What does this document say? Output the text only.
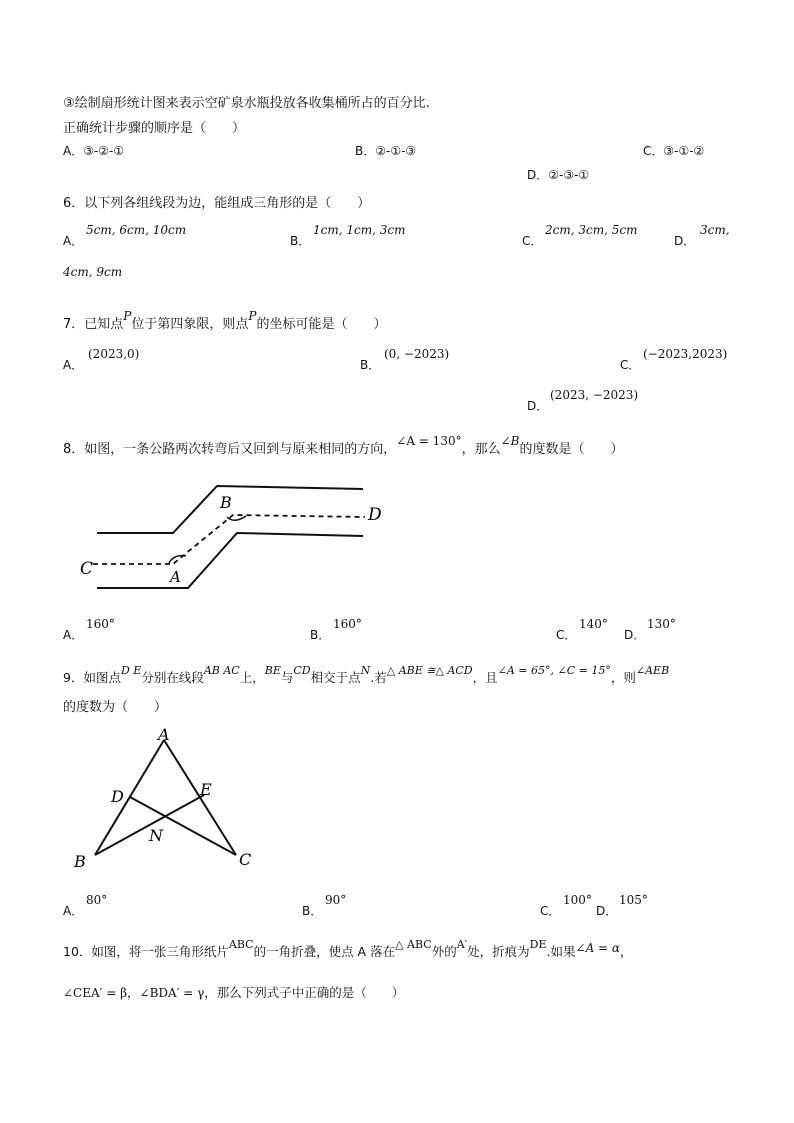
③绘制扇形统计图来表示空矿泉水瓶投放各收集桶所占的百分比.
正确统计步骤的顺序是（　　）
A．③-②-①	B．②-①-③	C．③-①-②
D．②-③-①
6．以下列各组线段为边，能组成三角形的是（　　）
A．
5cm, 6cm, 10cm
B．
1cm, 1cm, 3cm
C．
2cm, 3cm, 5cm
D．
3cm,
4cm, 9cm
7．已知点P位于第四象限，则点P的坐标可能是（　　）
A．
(2023,0)
B．
(0, −2023)
C．
(−2023,2023)
D．
(2023, −2023)
8．如图，一条公路两次转弯后又回到与原来相同的方向，∠A = 130°，那么∠B的度数是（　　）
C	A
B
D
A．
160°
B．
160°
C．
140°
D．
130°
9．如图点D E分别在线段AB AC上，BE与CD相交于点N.若△ ABE ≅△ ACD，且∠A = 65°, ∠C = 15°，则∠AEB
的度数为（　　）
A
D	E
N
B	C
A．
80°
B．
90°
C．
100°
D．
105°
10．如图，将一张三角形纸片ABC的一角折叠，使点 A 落在△ ABC外的A′处，折痕为DE.如果∠A = α，
∠CEA′ = β，∠BDA′ = γ，那么下列式子中正确的是（　　）
